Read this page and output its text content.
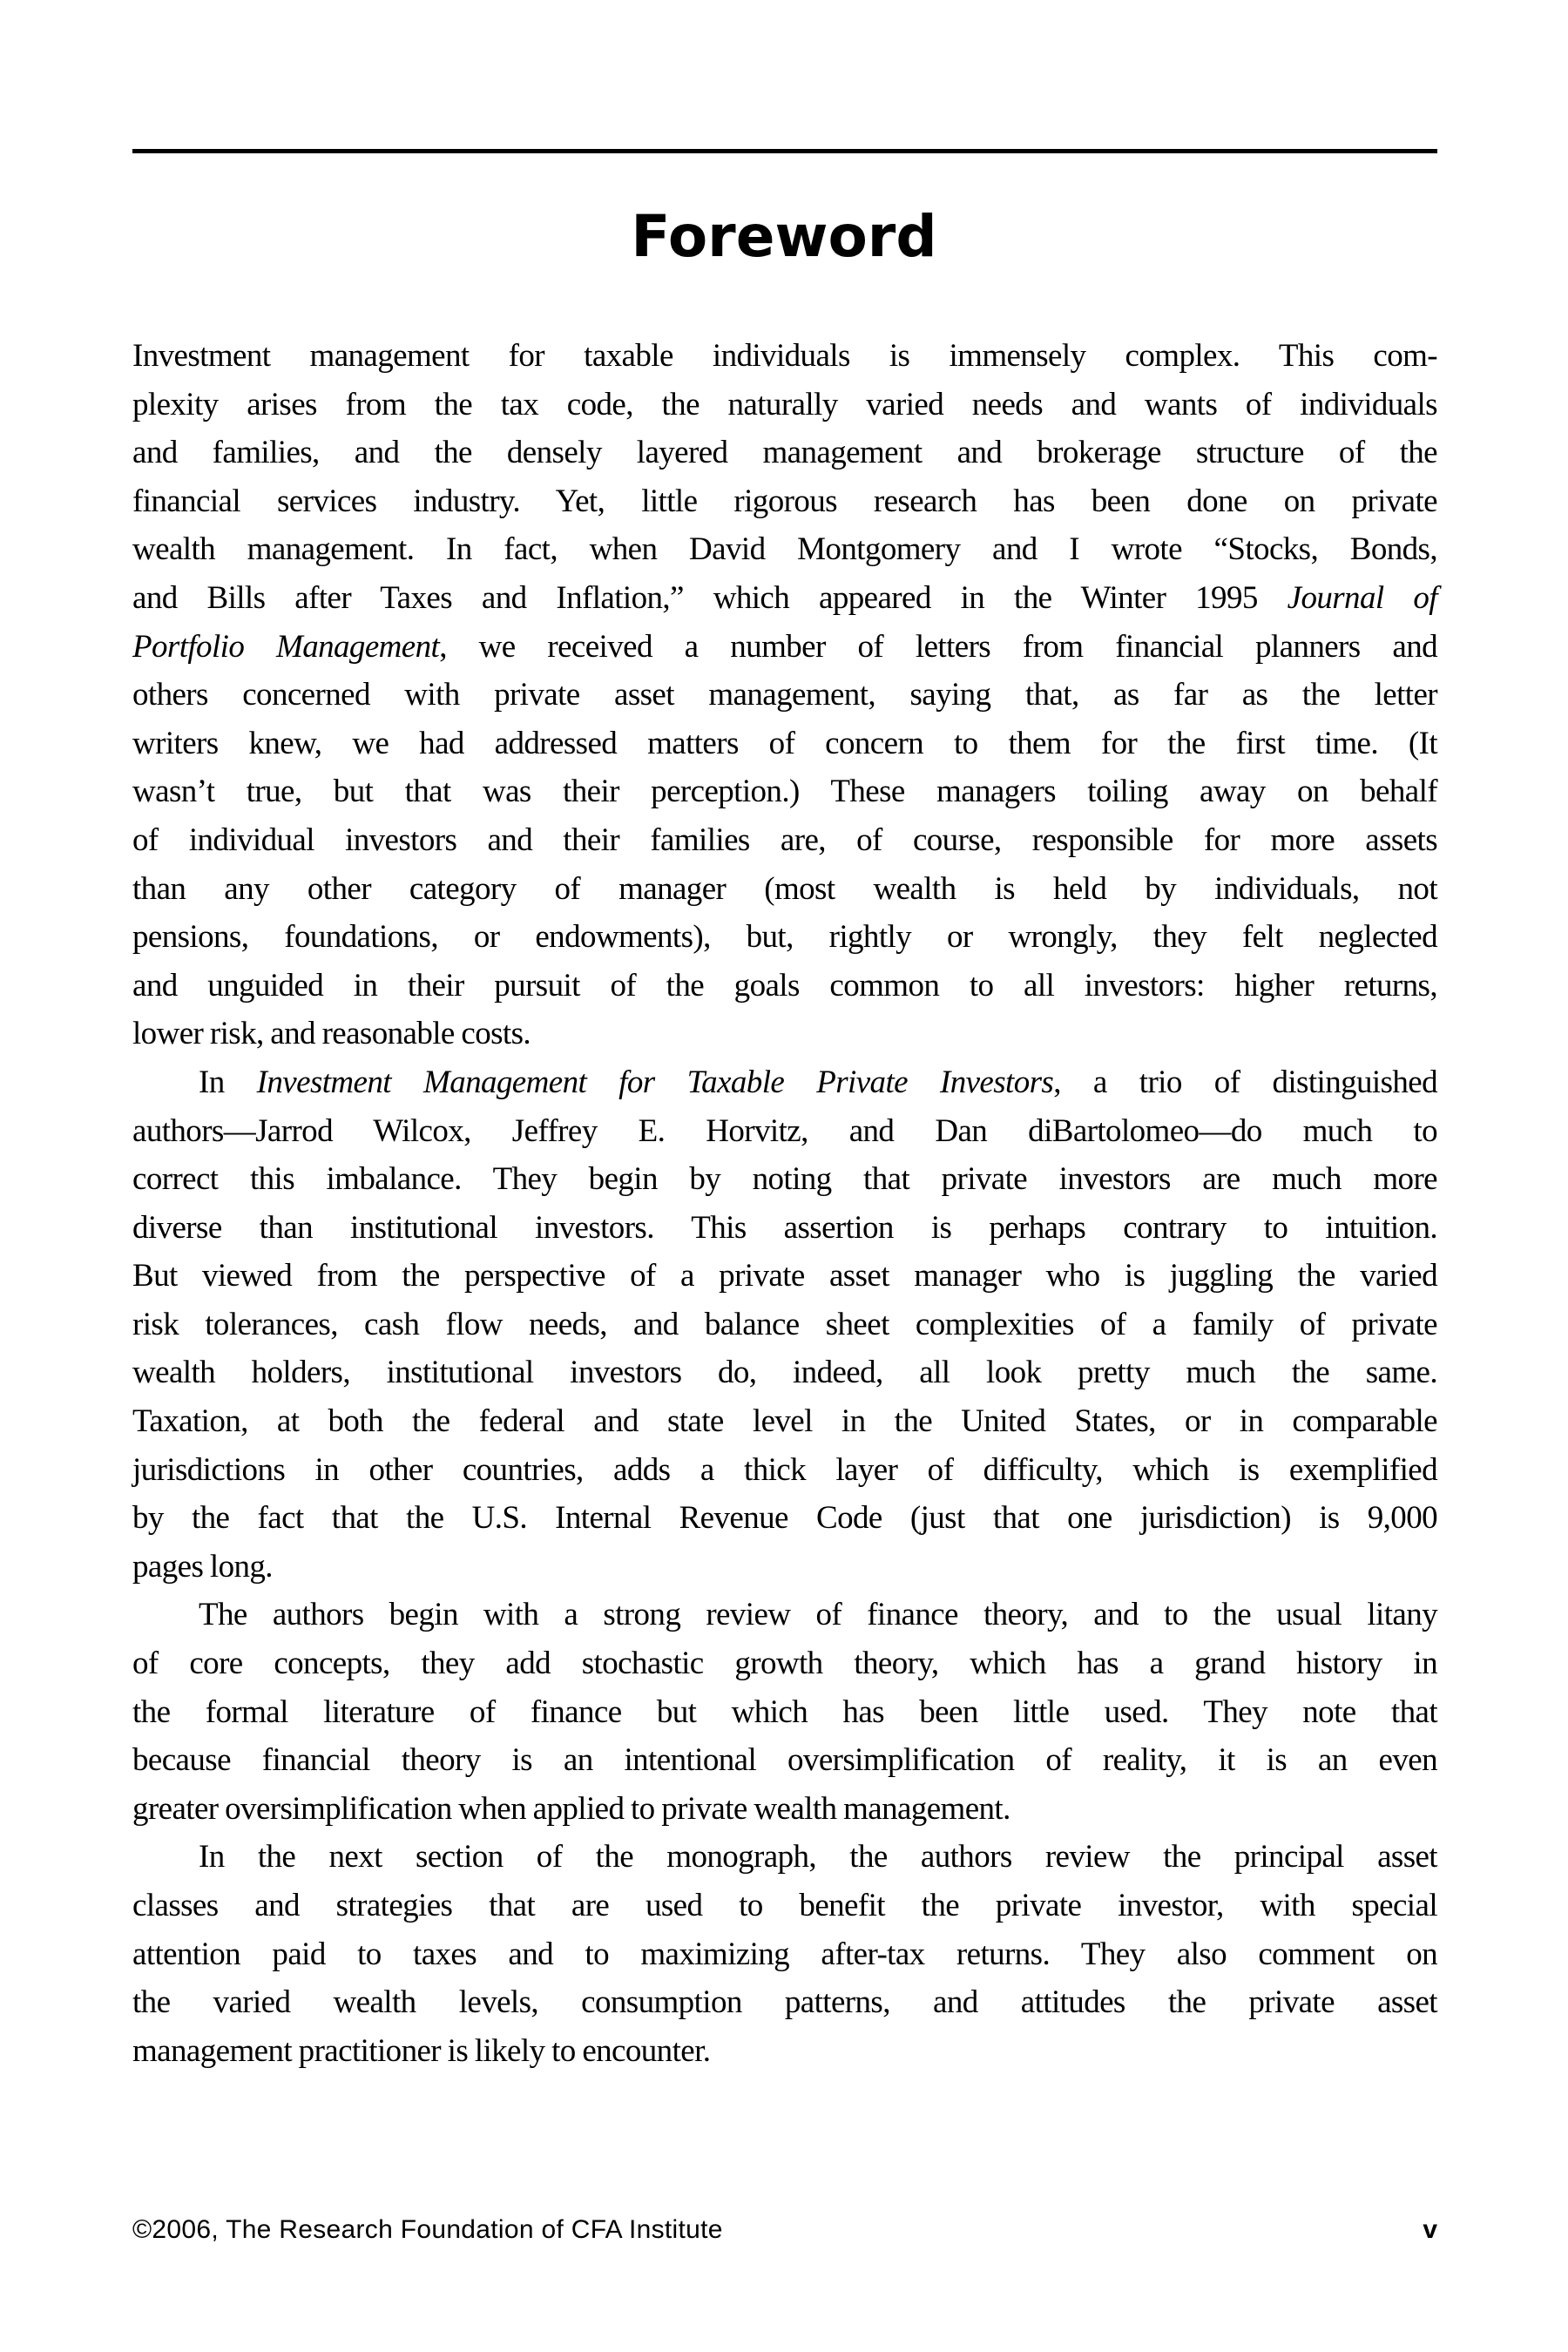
Foreword
Investment management for taxable individuals is immensely complex. This com-
plexity arises from the tax code, the naturally varied needs and wants of individuals
and families, and the densely layered management and brokerage structure of the
financial services industry. Yet, little rigorous research has been done on private
wealth management. In fact, when David Montgomery and I wrote “Stocks, Bonds,
and Bills after Taxes and Inflation,” which appeared in the Winter 1995 Journal of
Portfolio Management, we received a number of letters from financial planners and
others concerned with private asset management, saying that, as far as the letter
writers knew, we had addressed matters of concern to them for the first time. (It
wasn’t true, but that was their perception.) These managers toiling away on behalf
of individual investors and their families are, of course, responsible for more assets
than any other category of manager (most wealth is held by individuals, not
pensions, foundations, or endowments), but, rightly or wrongly, they felt neglected
and unguided in their pursuit of the goals common to all investors: higher returns,
lower risk, and reasonable costs.
In Investment Management for Taxable Private Investors, a trio of distinguished
authors—Jarrod Wilcox, Jeffrey E. Horvitz, and Dan diBartolomeo—do much to
correct this imbalance. They begin by noting that private investors are much more
diverse than institutional investors. This assertion is perhaps contrary to intuition.
But viewed from the perspective of a private asset manager who is juggling the varied
risk tolerances, cash flow needs, and balance sheet complexities of a family of private
wealth holders, institutional investors do, indeed, all look pretty much the same.
Taxation, at both the federal and state level in the United States, or in comparable
jurisdictions in other countries, adds a thick layer of difficulty, which is exemplified
by the fact that the U.S. Internal Revenue Code (just that one jurisdiction) is 9,000
pages long.
The authors begin with a strong review of finance theory, and to the usual litany
of core concepts, they add stochastic growth theory, which has a grand history in
the formal literature of finance but which has been little used. They note that
because financial theory is an intentional oversimplification of reality, it is an even
greater oversimplification when applied to private wealth management.
In the next section of the monograph, the authors review the principal asset
classes and strategies that are used to benefit the private investor, with special
attention paid to taxes and to maximizing after-tax returns. They also comment on
the varied wealth levels, consumption patterns, and attitudes the private asset
management practitioner is likely to encounter.
©2006, The Research Foundation of CFA Institute	v
